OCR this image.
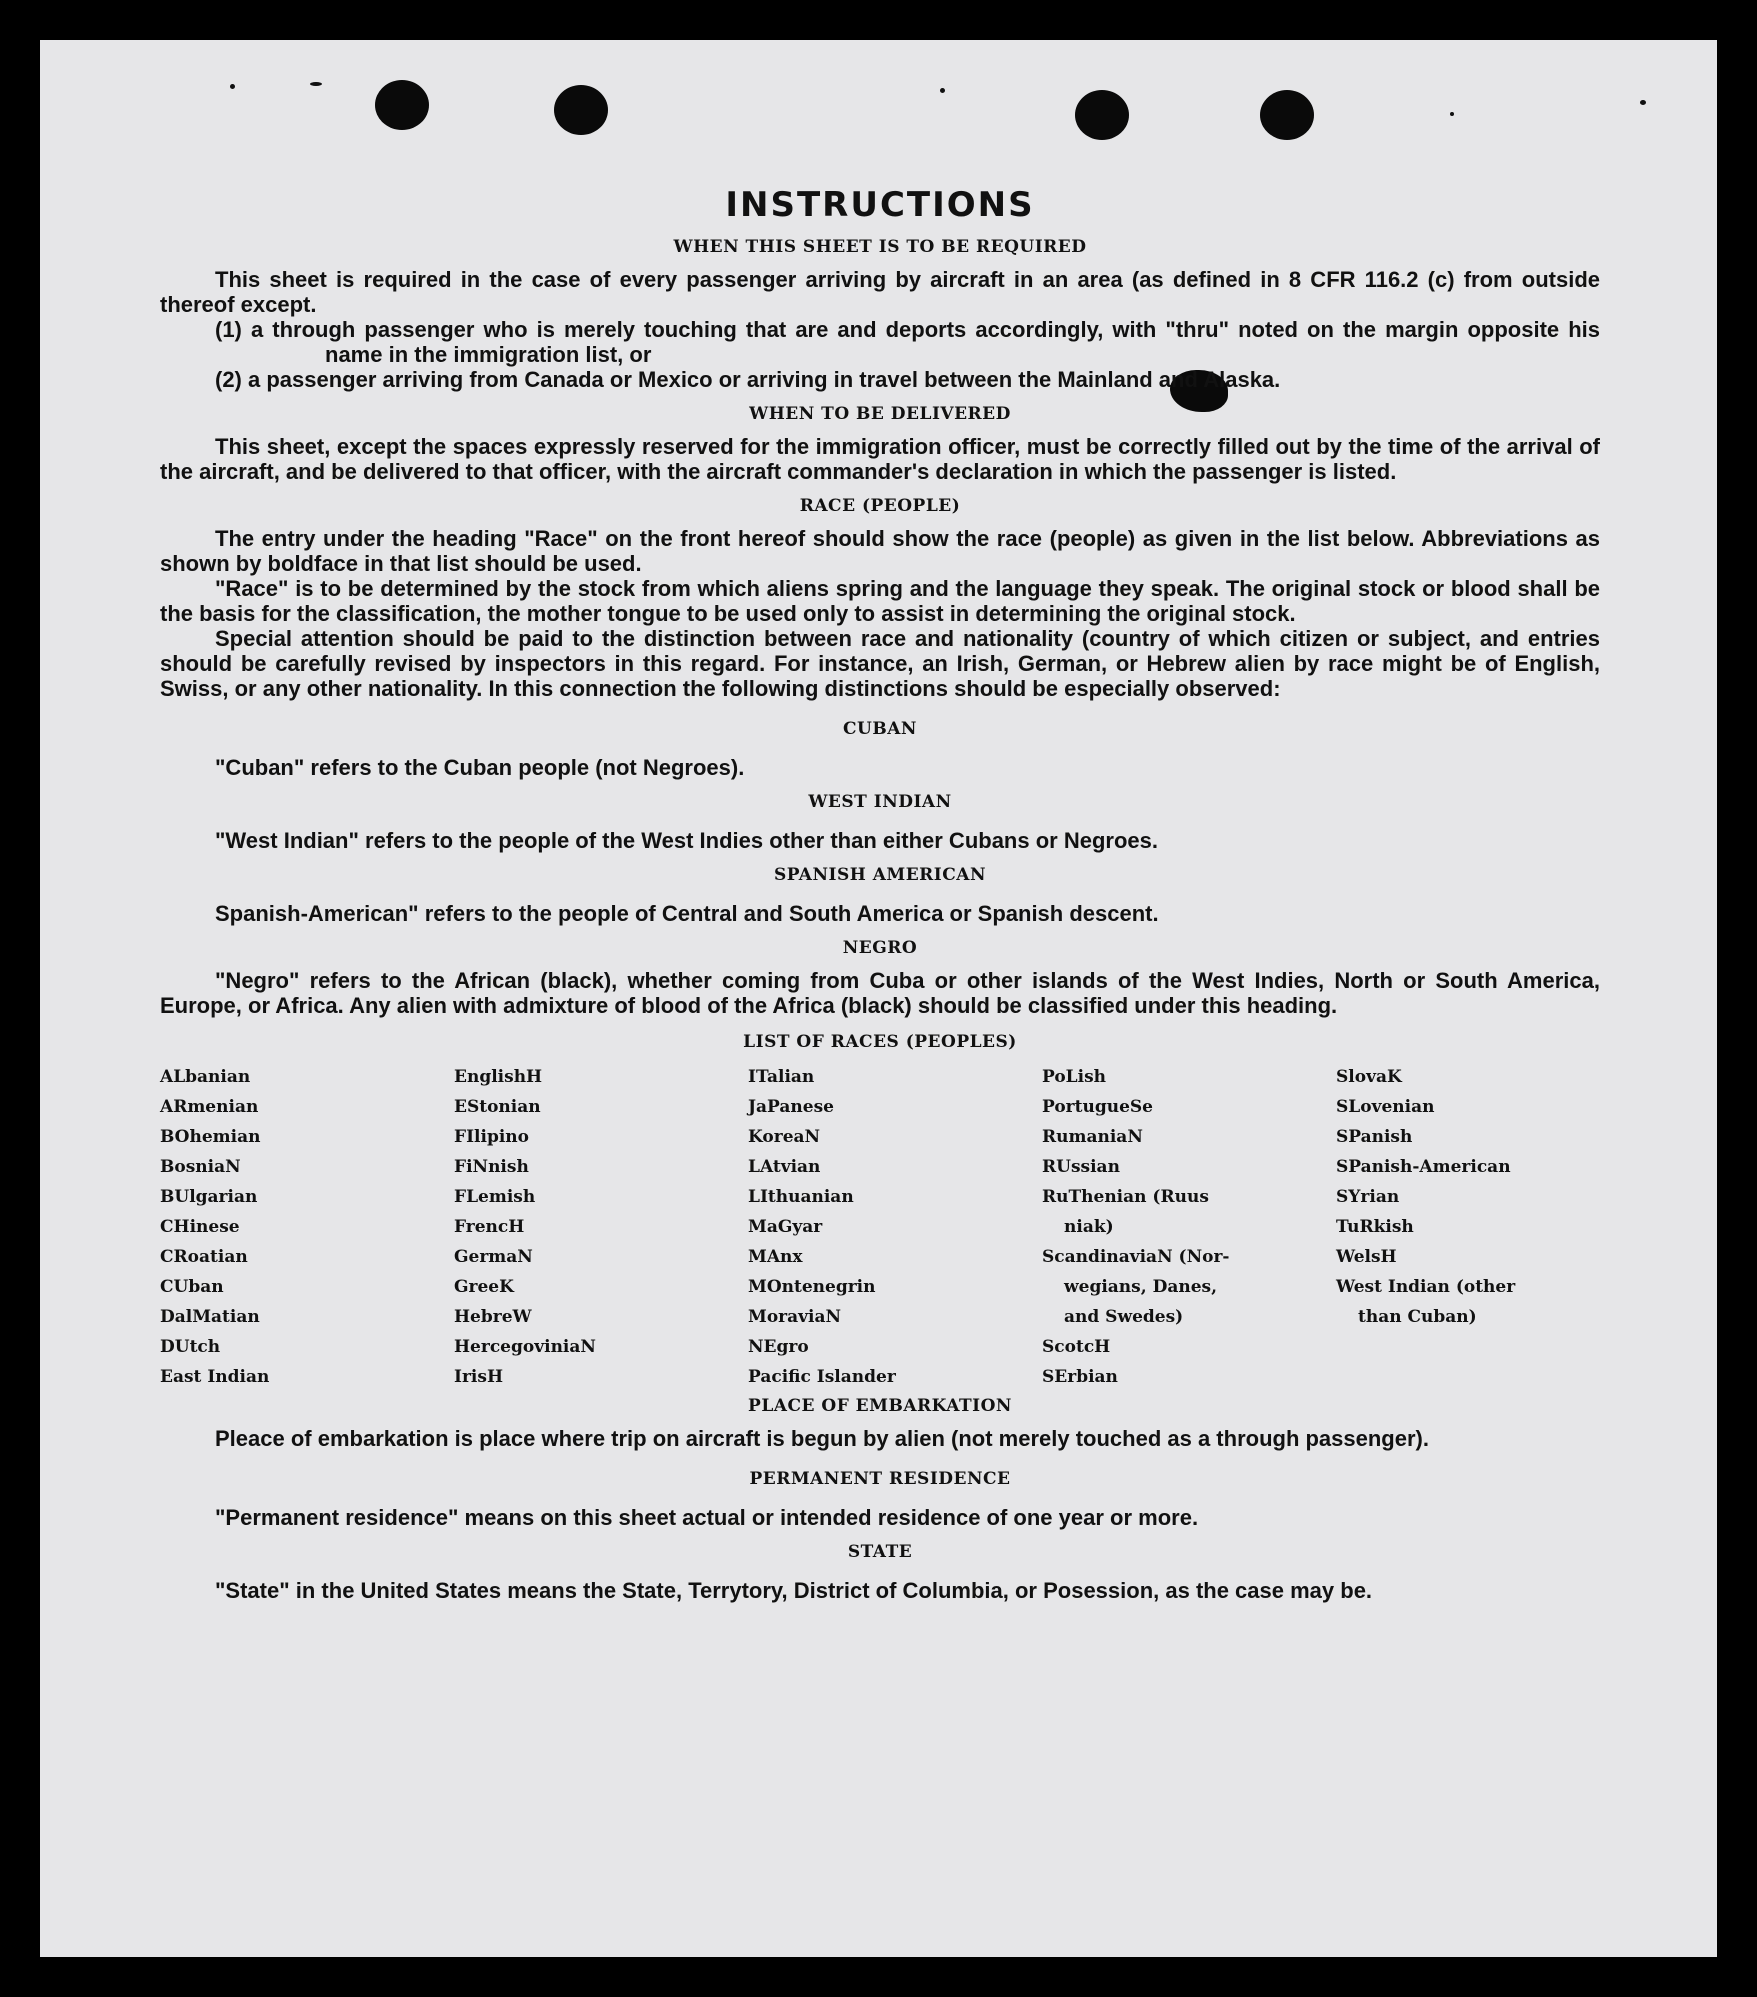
INSTRUCTIONS
WHEN THIS SHEET IS TO BE REQUIRED

This sheet is required in the case of every passenger arriving by aircraft in an area (as defined in 8 CFR 116.2 (c) from outside thereof except.

(1) a through passenger who is merely touching that are and deports accordingly, with "thru" noted on the margin opposite his name in the immigration list, or

(2) a passenger arriving from Canada or Mexico or arriving in travel between the Mainland and Alaska.

WHEN TO BE DELIVERED

This sheet, except the spaces expressly reserved for the immigration officer, must be correctly filled out by the time of the arrival of the aircraft, and be delivered to that officer, with the aircraft commander's declaration in which the passenger is listed.

RACE (PEOPLE)

The entry under the heading "Race" on the front hereof should show the race (people) as given in the list below. Abbreviations as shown by boldface in that list should be used.

"Race" is to be determined by the stock from which aliens spring and the language they speak. The original stock or blood shall be the basis for the classification, the mother tongue to be used only to assist in determining the original stock.

Special attention should be paid to the distinction between race and nationality (country of which citizen or subject, and entries should be carefully revised by inspectors in this regard. For instance, an Irish, German, or Hebrew alien by race might be of English, Swiss, or any other nationality. In this connection the following distinctions should be especially observed:

CUBAN

"Cuban" refers to the Cuban people (not Negroes).

WEST INDIAN

"West Indian" refers to the people of the West Indies other than either Cubans or Negroes.

SPANISH AMERICAN

Spanish-American" refers to the people of Central and South America or Spanish descent.

NEGRO

"Negro" refers to the African (black), whether coming from Cuba or other islands of the West Indies, North or South America, Europe, or Africa. Any alien with admixture of blood of the Africa (black) should be classified under this heading.

LIST OF RACES (PEOPLES)
ALbanian
ARmenian
BOhemian
BosniaN
BUlgarian
CHinese
CRoatian
CUban
DalMatian
DUtch
East Indian
EnglishH
EStonian
FIlipino
FiNnish
FLemish
FrencH
GermaN
GreeK
HebreW
HercegoviniaN
IrisH
ITalian
JaPanese
KoreaN
LAtvian
LIthuanian
MaGyar
MAnx
MOntenegrin
MoraviaN
NEgro
Pacific Islander
PoLish
PortugueSe
RumaniaN
RUssian
RuThenian (Ruus
niak)
ScandinaviaN (Nor-
wegians, Danes,
and Swedes)
ScotcH
SErbian
SlovaK
SLovenian
SPanish
SPanish-American
SYrian
TuRkish
WelsH
West Indian (other
than Cuban)
PLACE OF EMBARKATION

Pleace of embarkation is place where trip on aircraft is begun by alien (not merely touched as a through passenger).

PERMANENT RESIDENCE

"Permanent residence" means on this sheet actual or intended residence of one year or more.

STATE

"State" in the United States means the State, Terrytory, District of Columbia, or Posession, as the case may be.
